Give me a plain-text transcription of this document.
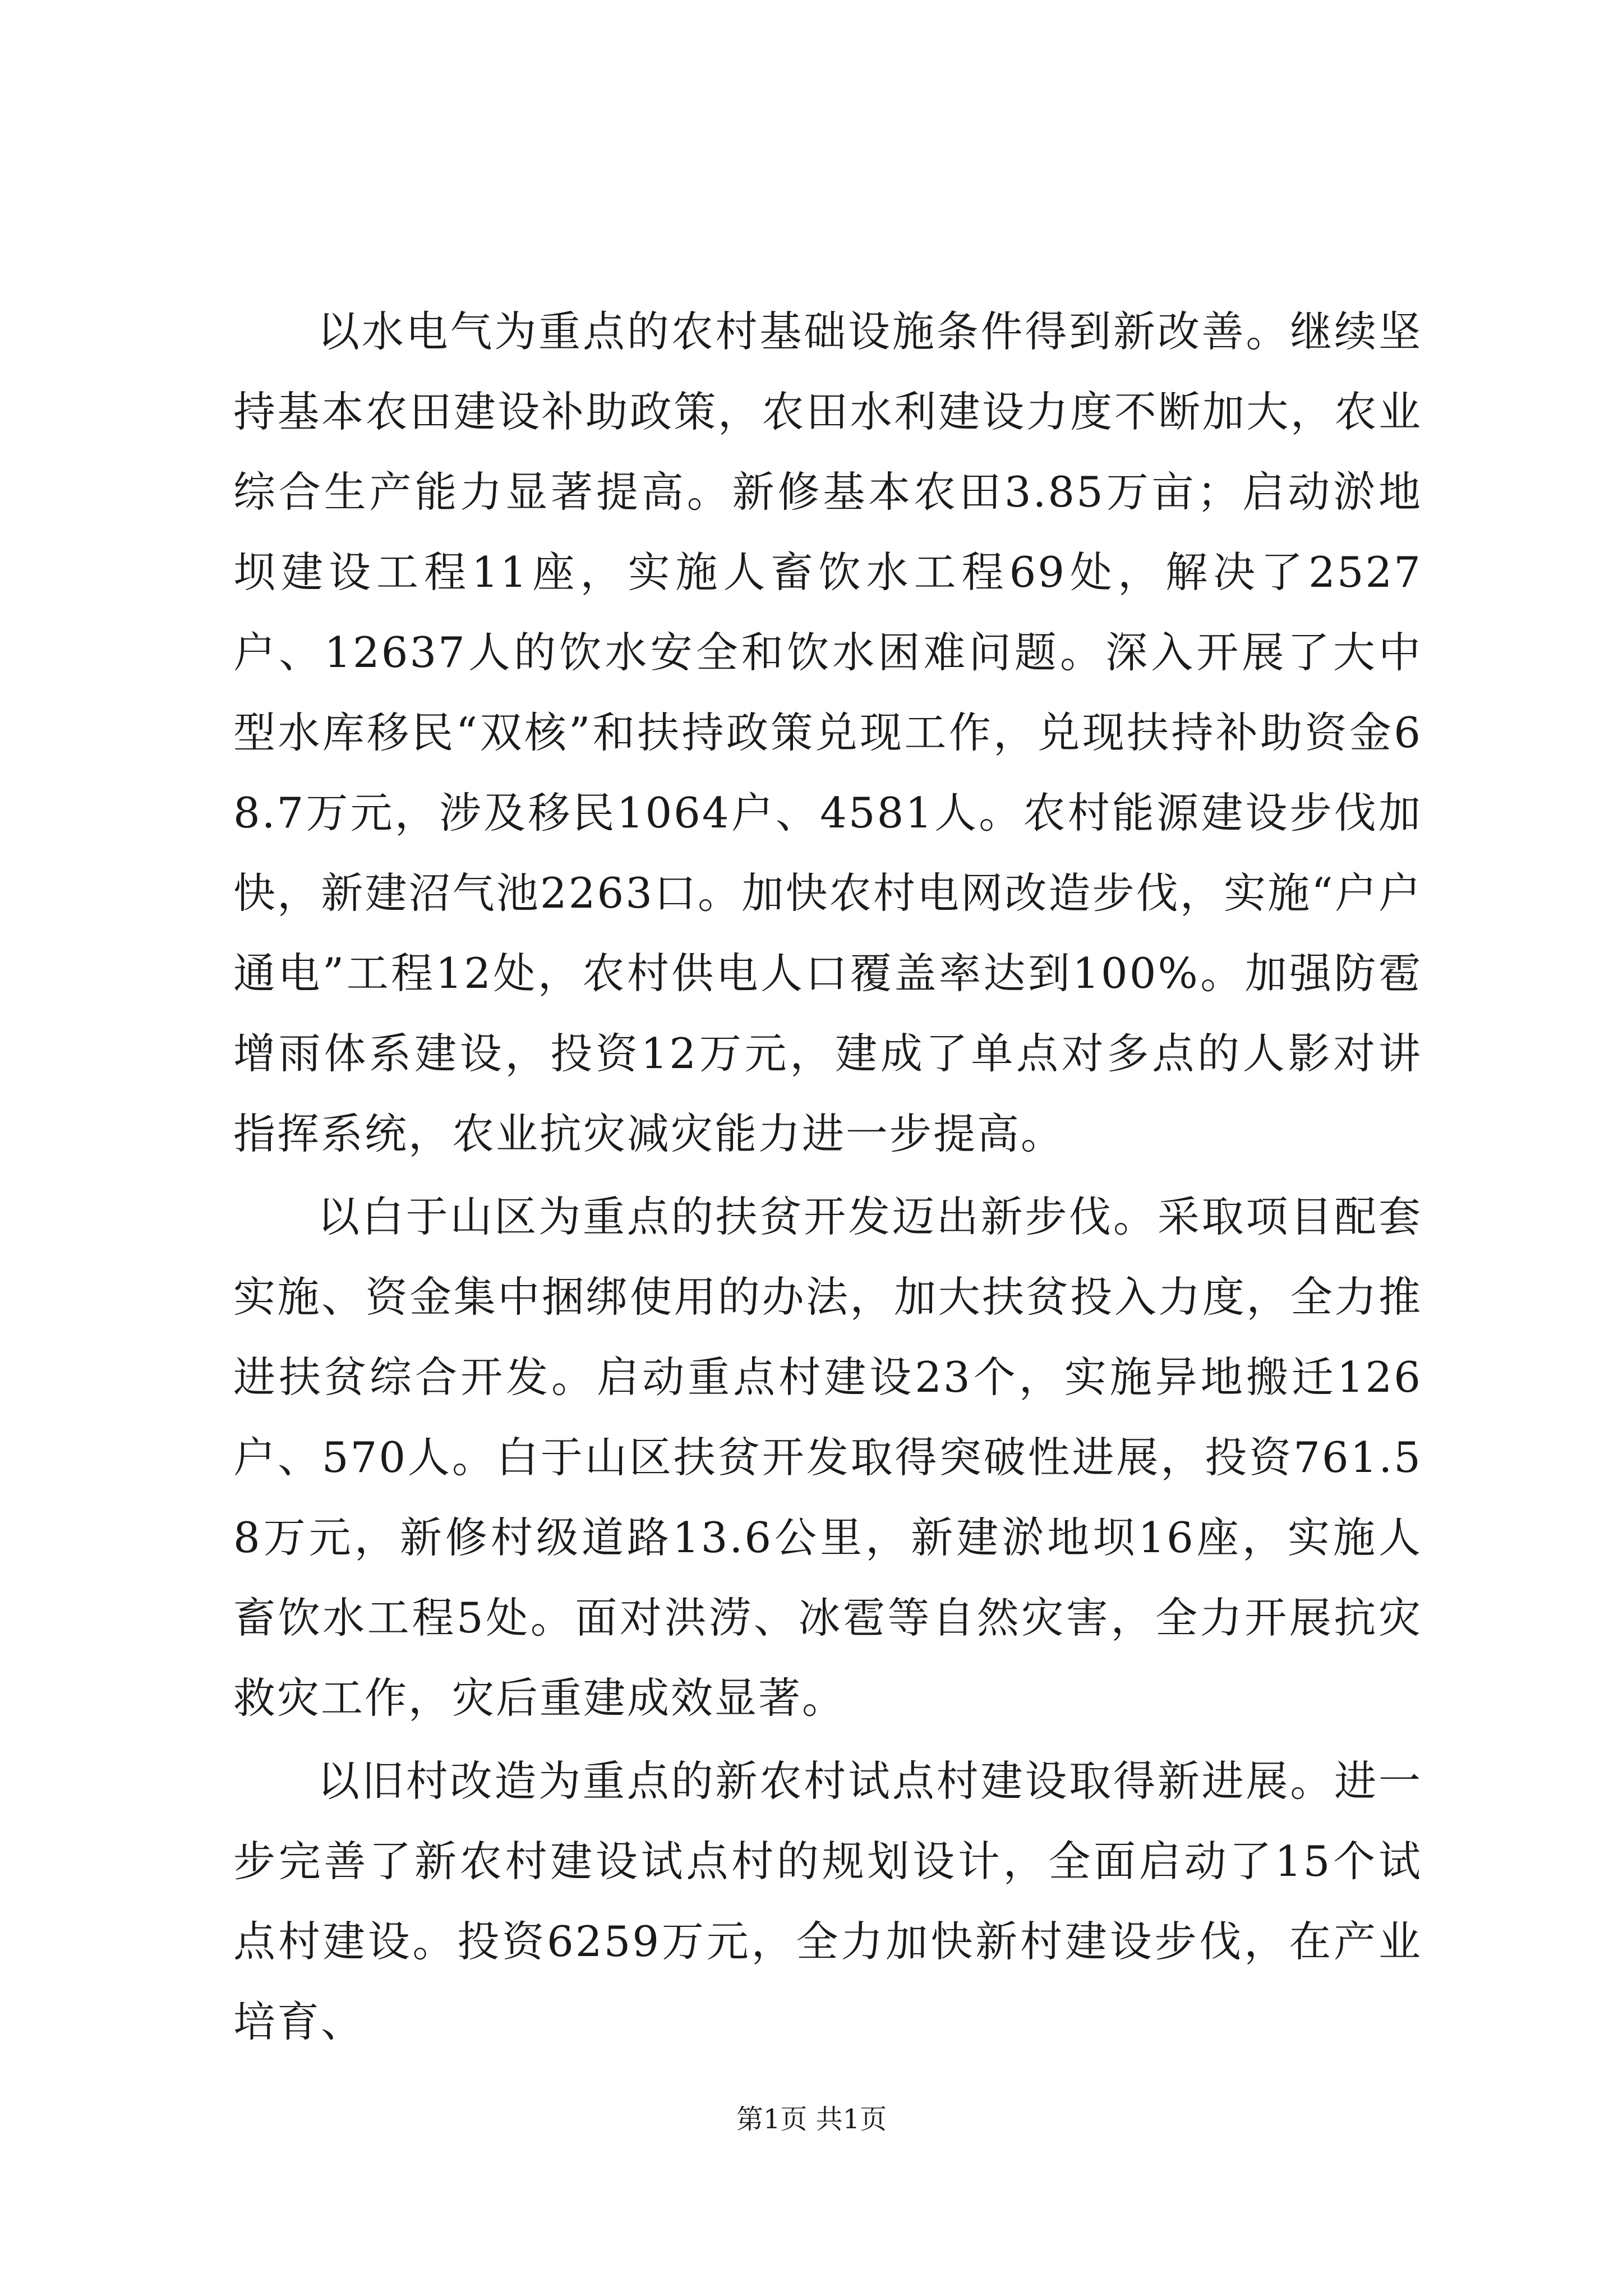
以水电气为重点的农村基础设施条件得到新改善。继续坚持基本农田建设补助政策，农田水利建设力度不断加大，农业综合生产能力显著提高。新修基本农田3.85万亩；启动淤地坝建设工程11座，实施人畜饮水工程69处，解决了2527户、12637人的饮水安全和饮水困难问题。深入开展了大中型水库移民“双核”和扶持政策兑现工作，兑现扶持补助资金68.7万元，涉及移民1064户、4581人。农村能源建设步伐加快，新建沼气池2263口。加快农村电网改造步伐，实施“户户通电”工程12处，农村供电人口覆盖率达到100%。加强防雹增雨体系建设，投资12万元，建成了单点对多点的人影对讲指挥系统，农业抗灾减灾能力进一步提高。

以白于山区为重点的扶贫开发迈出新步伐。采取项目配套实施、资金集中捆绑使用的办法，加大扶贫投入力度，全力推进扶贫综合开发。启动重点村建设23个，实施异地搬迁126户、570人。白于山区扶贫开发取得突破性进展，投资761.58万元，新修村级道路13.6公里，新建淤地坝16座，实施人畜饮水工程5处。面对洪涝、冰雹等自然灾害，全力开展抗灾救灾工作，灾后重建成效显著。

以旧村改造为重点的新农村试点村建设取得新进展。进一步完善了新农村建设试点村的规划设计，全面启动了15个试点村建设。投资6259万元，全力加快新村建设步伐，在产业培育、

第1页 共1页
